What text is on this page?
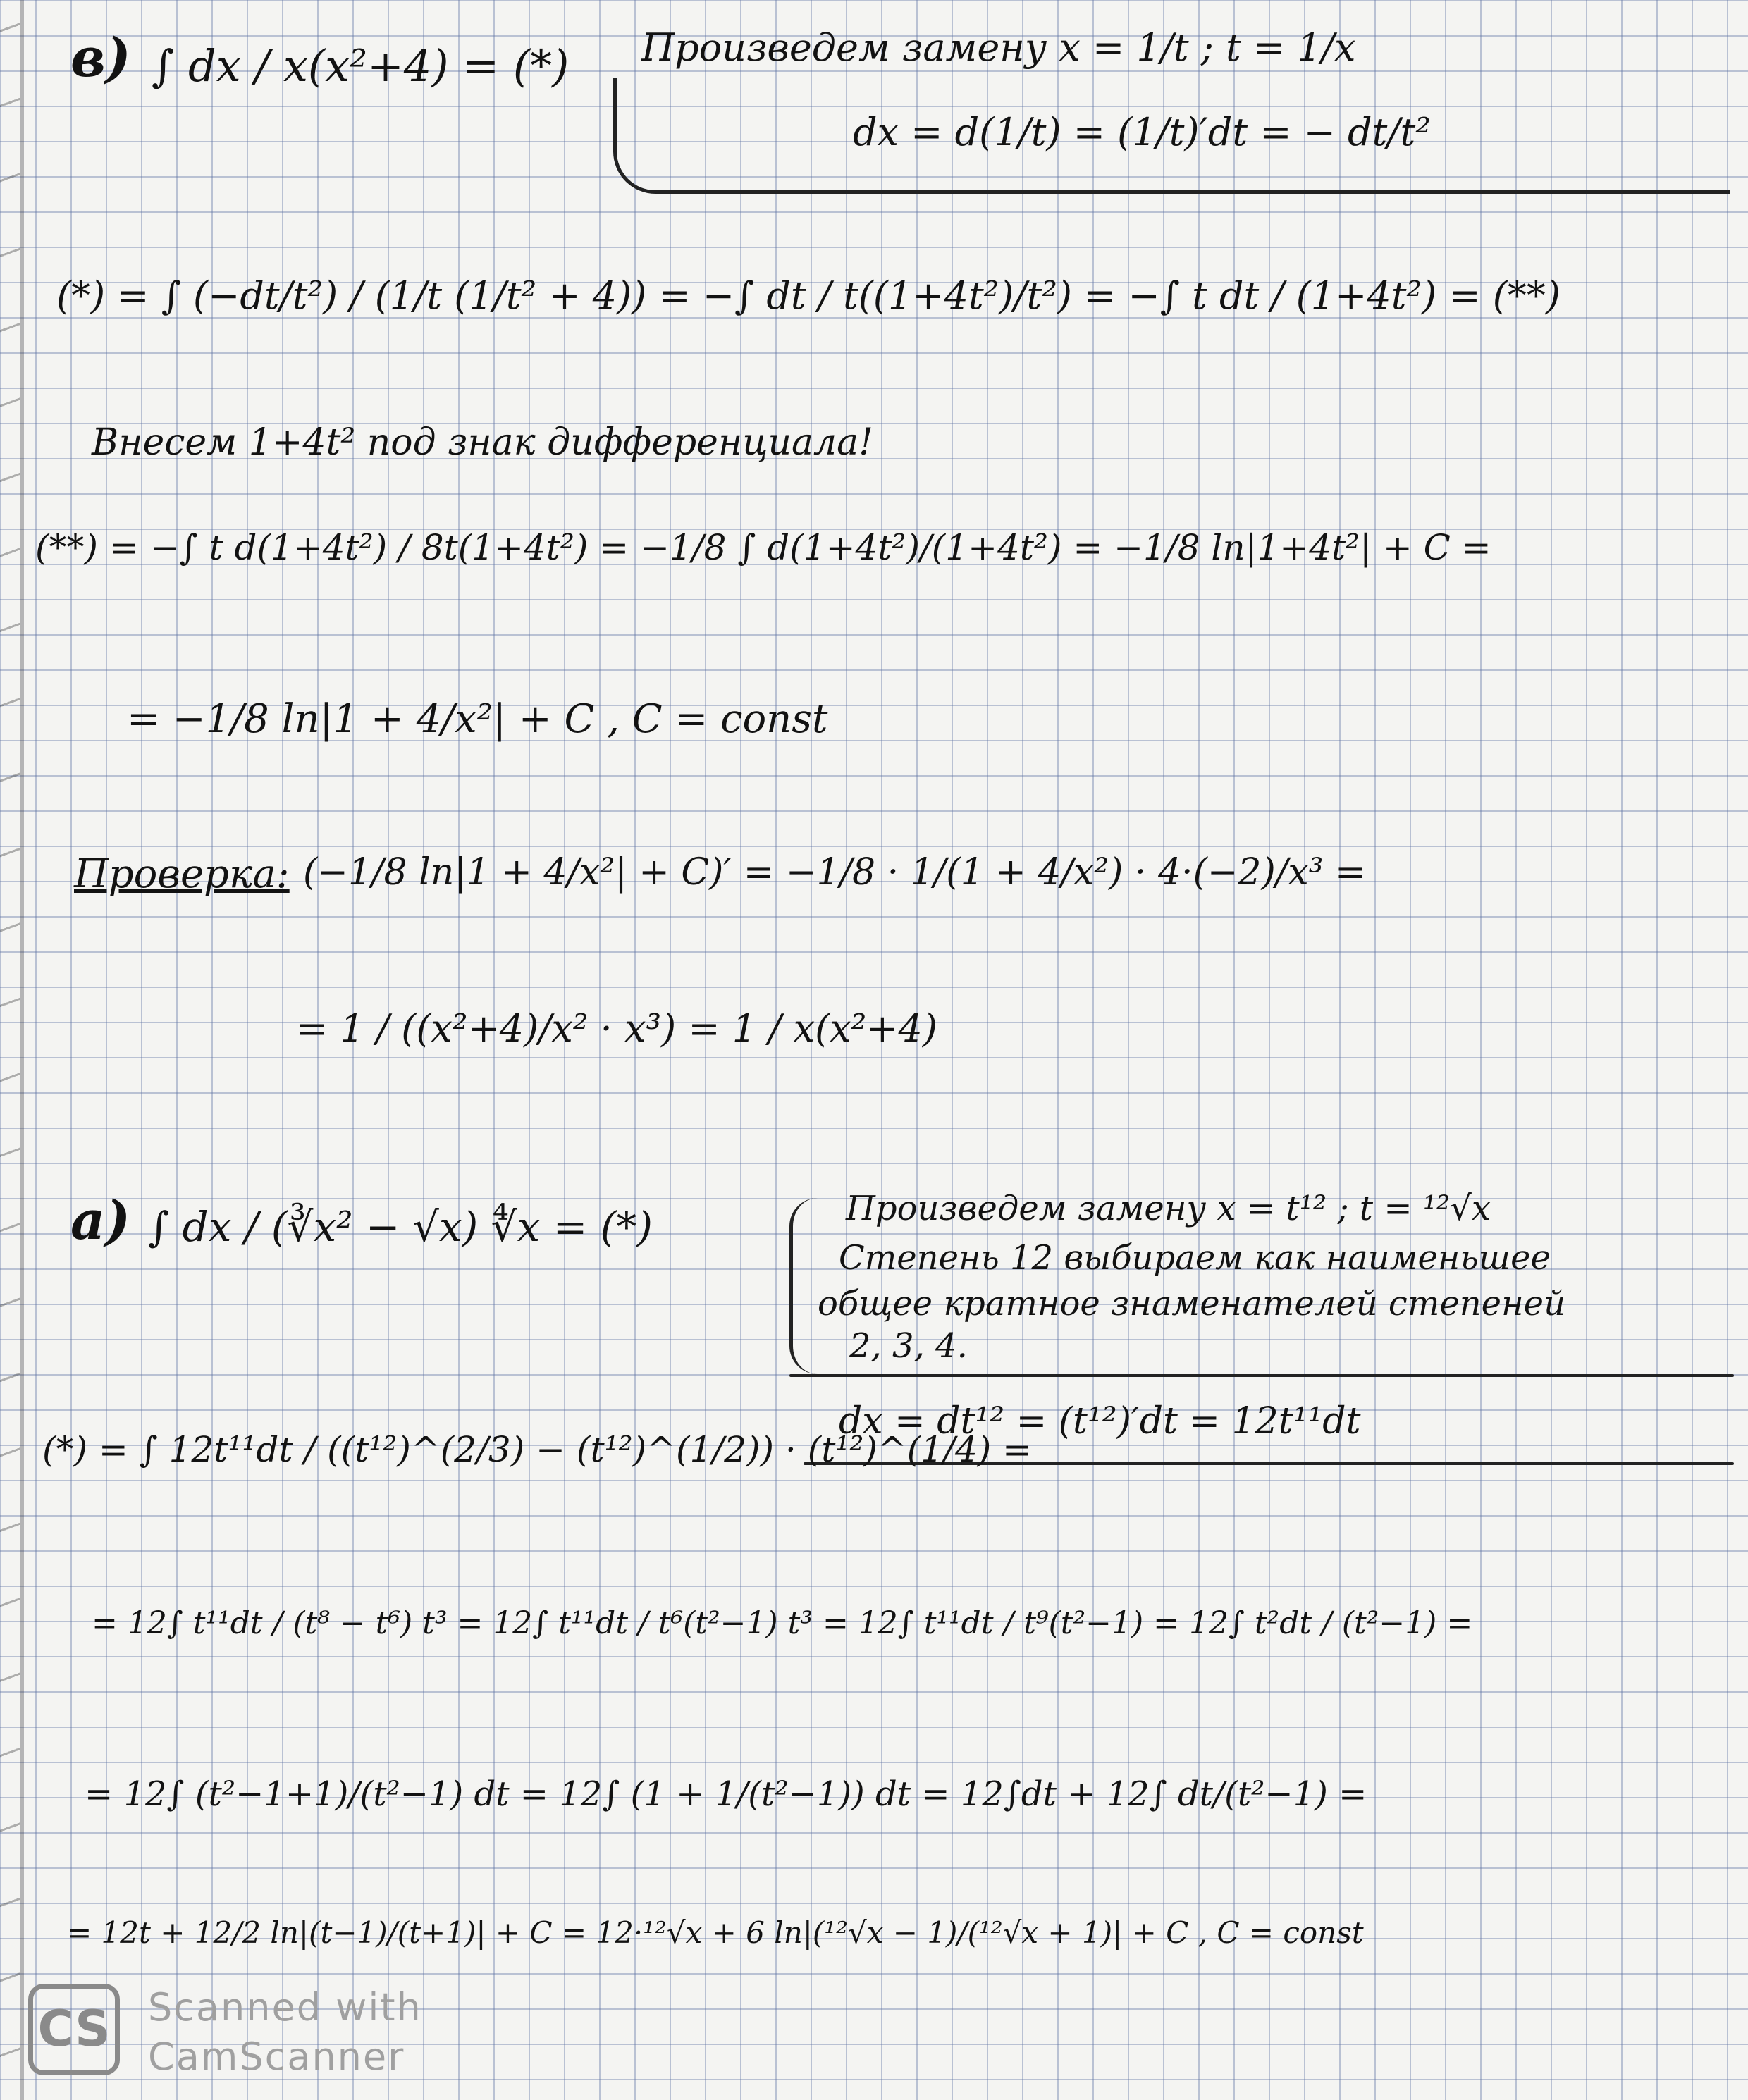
в) ∫ dx / x(x²+4) = (*) Произведем замену x = 1/t ; t = 1/x
dx = d(1/t) = (1/t)′dt = − dt/t²
(*) = ∫ (−dt/t²) / (1/t (1/t² + 4)) = −∫ dt / t((1+4t²)/t²) = −∫ t dt / (1+4t²) = (**)
Внесем 1+4t² под знак дифференциала!
(**) = −∫ t d(1+4t²) / 8t(1+4t²) = −1/8 ∫ d(1+4t²)/(1+4t²) = −1/8 ln|1+4t²| + C =
= −1/8 ln|1 + 4/x²| + C , C = const
Проверка: (−1/8 ln|1 + 4/x²| + C)′ = −1/8 · 1/(1 + 4/x²) · 4·(−2)/x³ =
= 1 / ((x²+4)/x² · x³) = 1 / x(x²+4)
а) ∫ dx / (∛x² − √x) ∜x = (*)	Произведем замену x = t¹² ; t = ¹²√x
Степень 12 выбираем как наименьшее
общее кратное знаменателей степеней
2, 3, 4.
dx = dt¹² = (t¹²)′dt = 12t¹¹dt
(*) = ∫ 12t¹¹dt / ((t¹²)^(2/3) − (t¹²)^(1/2)) · (t¹²)^(1/4) =
= 12∫ t¹¹dt / (t⁸ − t⁶) t³ = 12∫ t¹¹dt / t⁶(t²−1) t³ = 12∫ t¹¹dt / t⁹(t²−1) = 12∫ t²dt / (t²−1) =
= 12∫ (t²−1+1)/(t²−1) dt = 12∫ (1 + 1/(t²−1)) dt = 12∫dt + 12∫ dt/(t²−1) =
= 12t + 12/2 ln|(t−1)/(t+1)| + C = 12·¹²√x + 6 ln|(¹²√x − 1)/(¹²√x + 1)| + C , C = const
CS Scanned with
CamScanner
